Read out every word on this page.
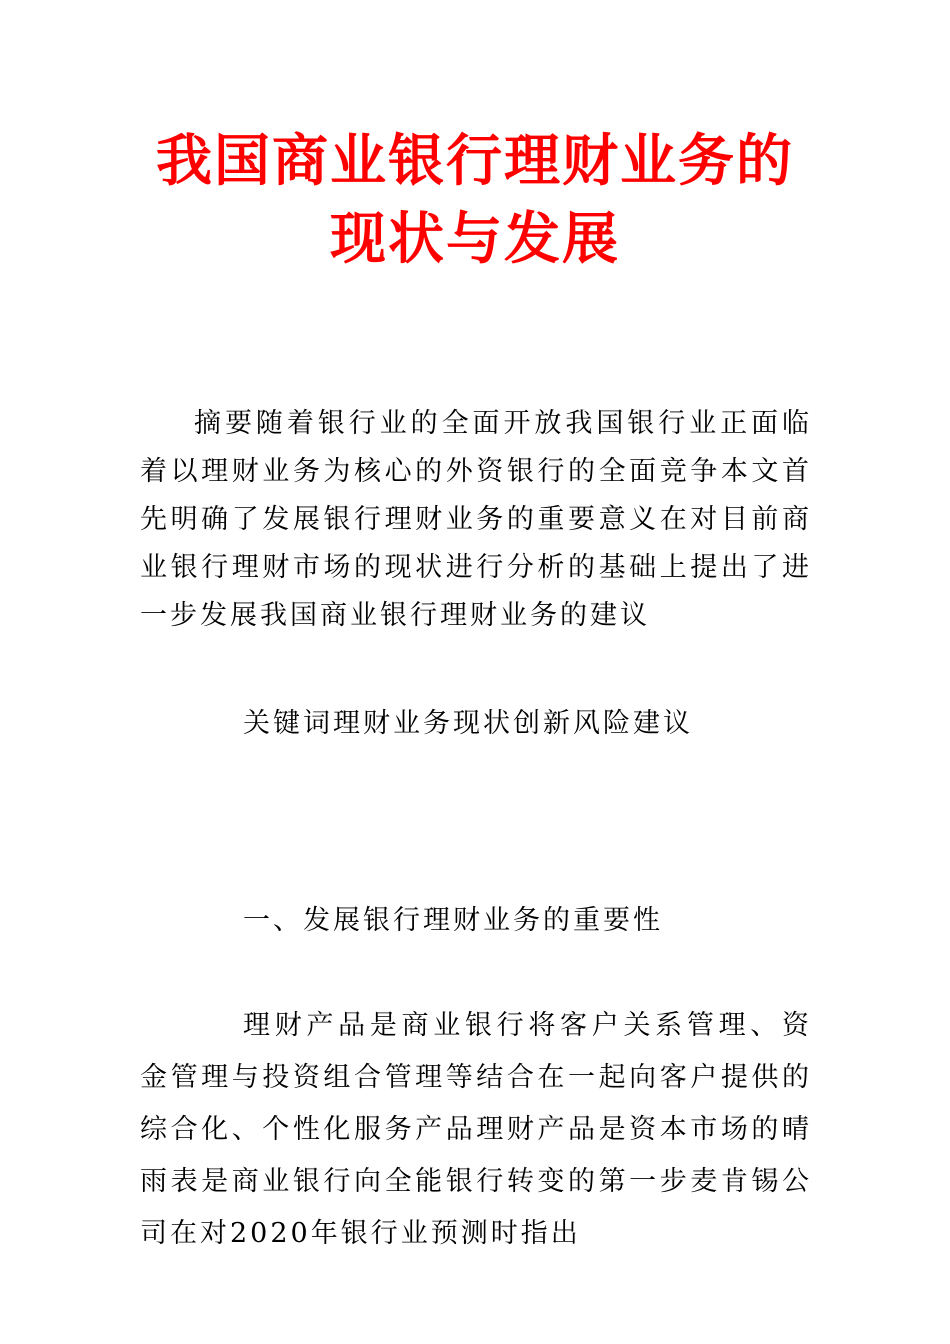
我国商业银行理财业务的
现状与发展
摘要随着银行业的全面开放我国银行业正面临着以理财业务为核心的外资银行的全面竞争本文首先明确了发展银行理财业务的重要意义在对目前商业银行理财市场的现状进行分析的基础上提出了进一步发展我国商业银行理财业务的建议
关键词理财业务现状创新风险建议
一、发展银行理财业务的重要性
理财产品是商业银行将客户关系管理、资金管理与投资组合管理等结合在一起向客户提供的综合化、个性化服务产品理财产品是资本市场的晴雨表是商业银行向全能银行转变的第一步麦肯锡公司在对2020年银行业预测时指出
